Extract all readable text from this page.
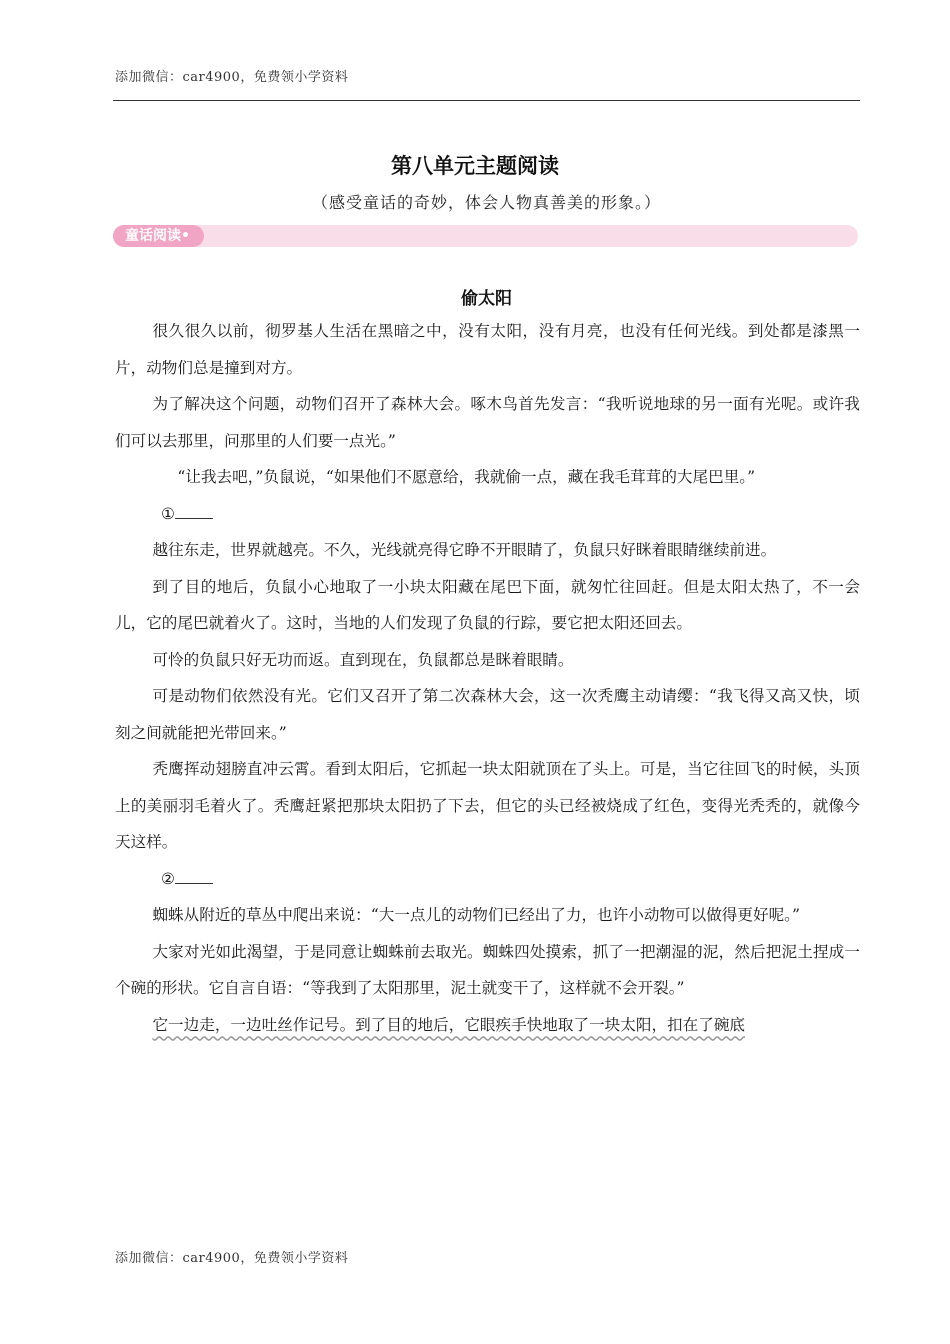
添加微信：car4900，免费领小学资料
第八单元主题阅读
（感受童话的奇妙，体会人物真善美的形象。）
童话阅读•
偷太阳

很久很久以前，彻罗基人生活在黑暗之中，没有太阳，没有月亮，也没有任何光线。到处都是漆黑一片，动物们总是撞到对方。

为了解决这个问题，动物们召开了森林大会。啄木鸟首先发言：“我听说地球的另一面有光呢。或许我们可以去那里，问那里的人们要一点光。”

“让我去吧，”负鼠说，“如果他们不愿意给，我就偷一点，藏在我毛茸茸的大尾巴里。”

①

越往东走，世界就越亮。不久，光线就亮得它睁不开眼睛了，负鼠只好眯着眼睛继续前进。

到了目的地后，负鼠小心地取了一小块太阳藏在尾巴下面，就匆忙往回赶。但是太阳太热了，不一会儿，它的尾巴就着火了。这时，当地的人们发现了负鼠的行踪，要它把太阳还回去。

可怜的负鼠只好无功而返。直到现在，负鼠都总是眯着眼睛。

可是动物们依然没有光。它们又召开了第二次森林大会，这一次秃鹰主动请缨：“我飞得又高又快，顷刻之间就能把光带回来。”

秃鹰挥动翅膀直冲云霄。看到太阳后，它抓起一块太阳就顶在了头上。可是，当它往回飞的时候，头顶上的美丽羽毛着火了。秃鹰赶紧把那块太阳扔了下去，但它的头已经被烧成了红色，变得光秃秃的，就像今天这样。

②

蜘蛛从附近的草丛中爬出来说：“大一点儿的动物们已经出了力，也许小动物可以做得更好呢。”

大家对光如此渴望，于是同意让蜘蛛前去取光。蜘蛛四处摸索，抓了一把潮湿的泥，然后把泥土捏成一个碗的形状。它自言自语：“等我到了太阳那里，泥土就变干了，这样就不会开裂。”

它一边走，一边吐丝作记号。到了目的地后，它眼疾手快地取了一块太阳，扣在了碗底

添加微信：car4900，免费领小学资料
